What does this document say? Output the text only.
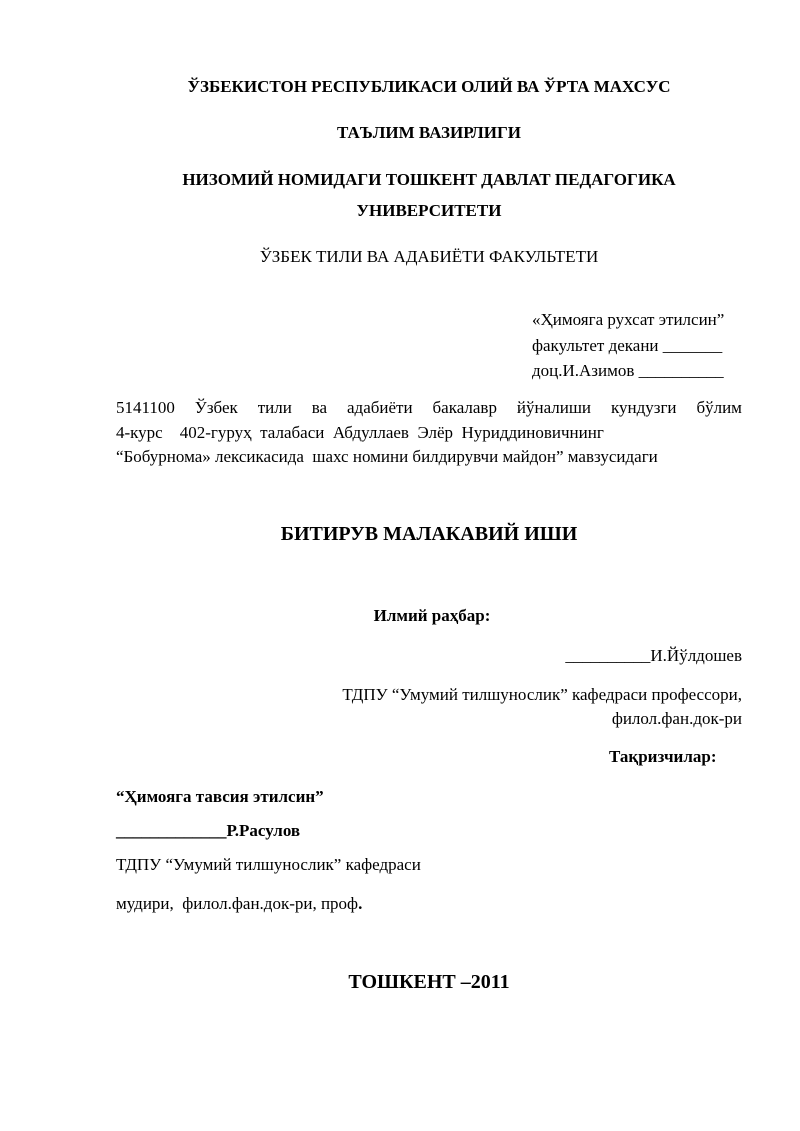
ЎЗБЕКИСТОН РЕСПУБЛИКАСИ ОЛИЙ ВА ЎРТА МАХСУС
ТАЪЛИМ ВАЗИРЛИГИ
НИЗОМИЙ НОМИДАГИ ТОШКЕНТ ДАВЛАТ ПЕДАГОГИКА
УНИВЕРСИТЕТИ
ЎЗБЕК ТИЛИ ВА АДАБИЁТИ ФАКУЛЬТЕТИ
«Ҳимояга рухсат этилсин”
факультет декани _______
доц.И.Азимов __________
5141100 Ўзбек тили ва адабиёти бакалавр йўналиши кундузги бўлим
4-курс    402-гуруҳ  талабаси  Абдуллаев  Элёр  Нуриддиновичнинг
“Бобурнома» лексикасида  шахс номини билдирувчи майдон” мавзусидаги
БИТИРУВ МАЛАКАВИЙ ИШИ
Илмий раҳбар:
__________И.Йўлдошев
ТДПУ “Умумий тилшунослик” кафедраси профессори,
филол.фан.док-ри
Тақризчилар:
“Ҳимояга тавсия этилсин”
_____________Р.Расулов
ТДПУ “Умумий тилшунослик” кафедраси
мудири,  филол.фан.док-ри, проф.
ТОШКЕНТ –2011
